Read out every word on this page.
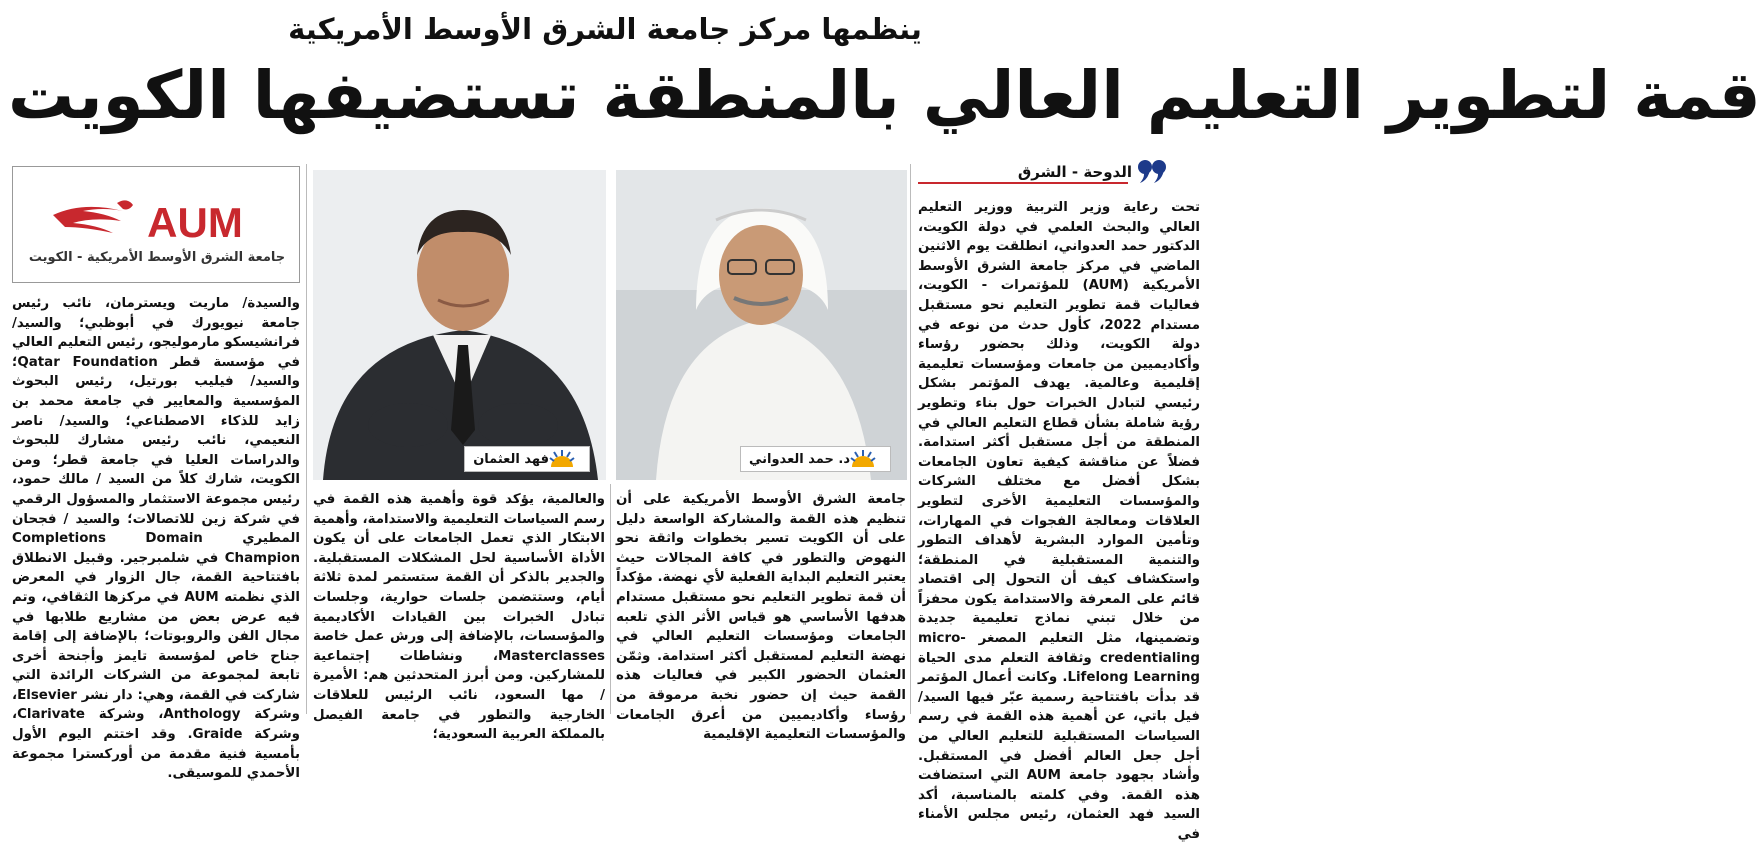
ينظمها مركز جامعة الشرق الأوسط الأمريكية
قمة لتطوير التعليم العالي بالمنطقة تستضيفها الكويت
الدوحة - الشرق
AUM
جامعة الشرق الأوسط الأمريكية - الكويت
د. حمد العدواني
فهد العثمان

تحت رعاية وزير التربية ووزير التعليم العالي والبحث العلمي في دولة الكويت، الدكتور حمد العدواني، انطلقت يوم الاثنين الماضي في مركز جامعة الشرق الأوسط الأمريكية (AUM) للمؤتمرات - الكويت، فعاليات قمة تطوير التعليم نحو مستقبل مستدام 2022، كأول حدث من نوعه في دولة الكويت، وذلك بحضور رؤساء وأكاديميين من جامعات ومؤسسات تعليمية إقليمية وعالمية. يهدف المؤتمر بشكل رئيسي لتبادل الخبرات حول بناء وتطوير رؤية شاملة بشأن قطاع التعليم العالي في المنطقة من أجل مستقبل أكثر استدامة. فضلاً عن مناقشة كيفية تعاون الجامعات بشكل أفضل مع مختلف الشركات والمؤسسات التعليمية الأخرى لتطوير العلاقات ومعالجة الفجوات في المهارات، وتأمين الموارد البشرية لأهداف التطور والتنمية المستقبلية في المنطقة؛ واستكشاف كيف أن التحول إلى اقتصاد قائم على المعرفة والاستدامة يكون محفزاً من خلال تبني نماذج تعليمية جديدة وتضمينها، مثل التعليم المصغر micro-credentialing وثقافة التعلم مدى الحياة Lifelong Learning. وكانت أعمال المؤتمر قد بدأت بافتتاحية رسمية عبّر فيها السيد/ فيل باتي، عن أهمية هذه القمة في رسم السياسات المستقبلية للتعليم العالي من أجل جعل العالم أفضل في المستقبل. وأشاد بجهود جامعة AUM التي استضافت هذه القمة. وفي كلمته بالمناسبة، أكد السيد فهد العثمان، رئيس مجلس الأمناء في

جامعة الشرق الأوسط الأمريكية على أن تنظيم هذه القمة والمشاركة الواسعة دليل على أن الكويت تسير بخطوات واثقة نحو النهوض والتطور في كافة المجالات حيث يعتبر التعليم البداية الفعلية لأي نهضة. مؤكداً أن قمة تطوير التعليم نحو مستقبل مستدام هدفها الأساسي هو قياس الأثر الذي تلعبه الجامعات ومؤسسات التعليم العالي في نهضة التعليم لمستقبل أكثر استدامة. وثمّن العثمان الحضور الكبير في فعاليات هذه القمة حيث إن حضور نخبة مرموقة من رؤساء وأكاديميين من أعرق الجامعات والمؤسسات التعليمية الإقليمية

والعالمية، يؤكد قوة وأهمية هذه القمة في رسم السياسات التعليمية والاستدامة، وأهمية الابتكار الذي تعمل الجامعات على أن يكون الأداة الأساسية لحل المشكلات المستقبلية. والجدير بالذكر أن القمة ستستمر لمدة ثلاثة أيام، وستتضمن جلسات حوارية، وجلسات تبادل الخبرات بين القيادات الأكاديمية والمؤسسات، بالإضافة إلى ورش عمل خاصة Masterclasses، ونشاطات إجتماعية للمشاركين. ومن أبرز المتحدثين هم: الأميرة / مها السعود، نائب الرئيس للعلاقات الخارجية والتطور في جامعة الفيصل بالمملكة العربية السعودية؛

والسيدة/ ماريت ويسترمان، نائب رئيس جامعة نيويورك في أبوظبي؛ والسيد/ فرانشيسكو مارموليجو، رئيس التعليم العالي في مؤسسة قطر Qatar Foundation؛ والسيد/ فيليب بورتيل، رئيس البحوث المؤسسية والمعايير في جامعة محمد بن زايد للذكاء الاصطناعي؛ والسيد/ ناصر النعيمي، نائب رئيس مشارك للبحوث والدراسات العليا في جامعة قطر؛ ومن الكويت، شارك كلاً من السيد / مالك حمود، رئيس مجموعة الاستثمار والمسؤول الرقمي في شركة زين للاتصالات؛ والسيد / فجحان المطيري Completions Domain Champion في شلمبرجير. وقبيل الانطلاق بافتتاحية القمة، جال الزوار في المعرض الذي نظمته AUM في مركزها الثقافي، وتم فيه عرض بعض من مشاريع طلابها في مجال الفن والروبوتات؛ بالإضافة إلى إقامة جناح خاص لمؤسسة تايمز وأجنحة أخرى تابعة لمجموعة من الشركات الرائدة التي شاركت في القمة، وهي: دار نشر Elsevier، وشركة Anthology، وشركة Clarivate، وشركة Graide. وقد اختتم اليوم الأول بأمسية فنية مقدمة من أوركسترا مجموعة الأحمدي للموسيقى.
